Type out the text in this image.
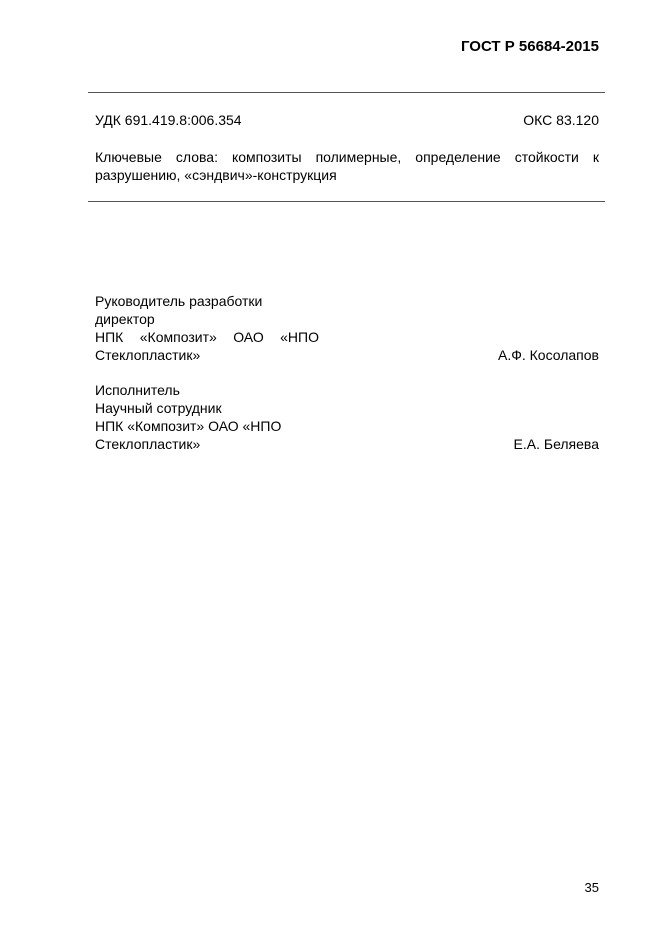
ГОСТ Р 56684-2015
УДК 691.419.8:006.354	ОКС 83.120
Ключевые слова: композиты полимерные, определение стойкости к
разрушению, «сэндвич»-конструкция
Руководитель разработки
директор
НПК «Композит» ОАО «НПО
Стеклопластик»	А.Ф. Косолапов
Исполнитель
Научный сотрудник
НПК «Композит» ОАО «НПО
Стеклопластик»	Е.А. Беляева
35
